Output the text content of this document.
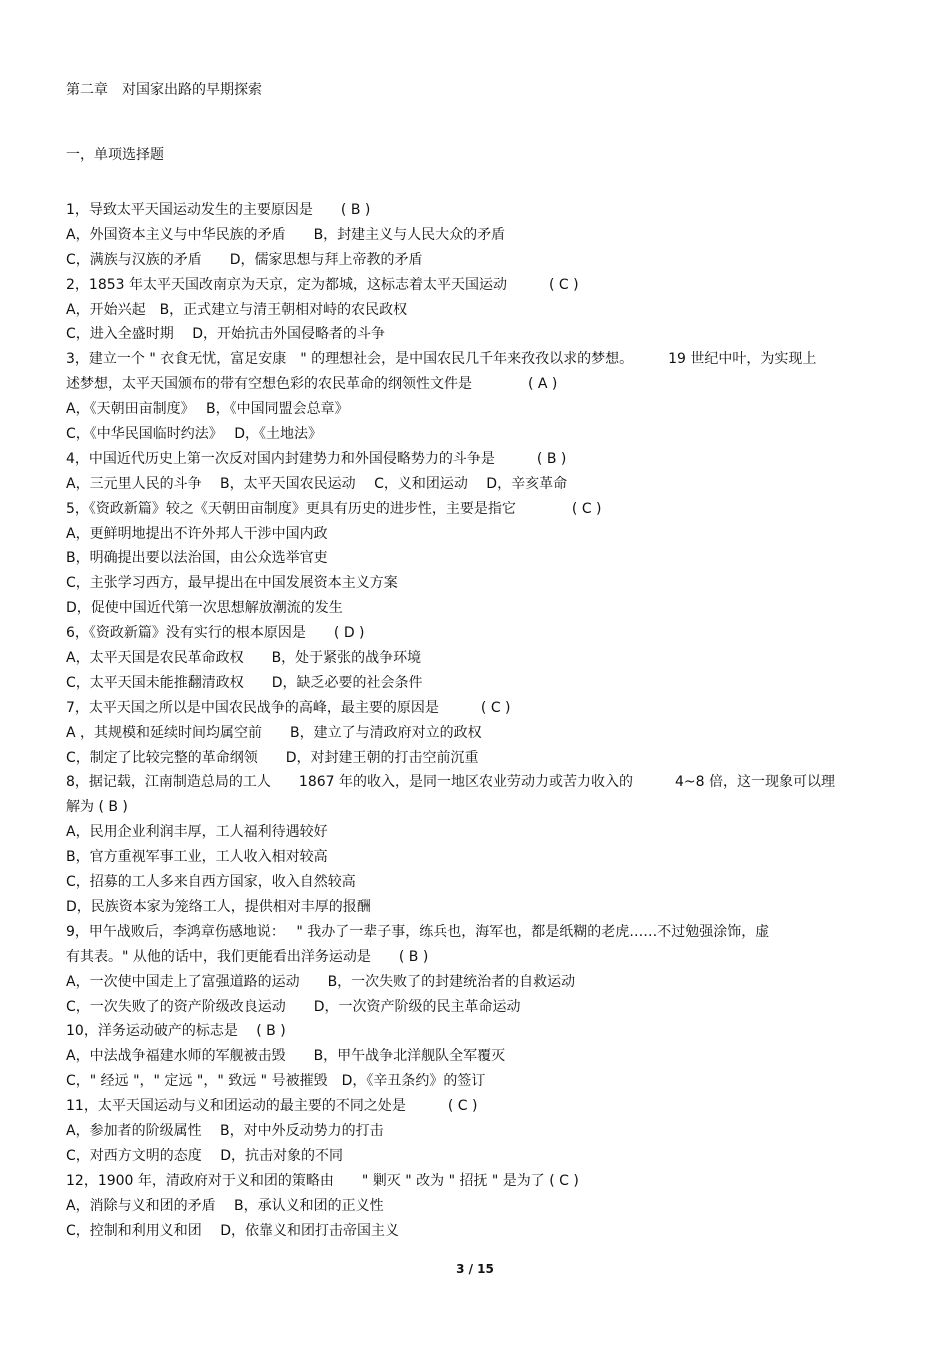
第二章　对国家出路的早期探索
一，单项选择题
1，导致太平天国运动发生的主要原因是　　( B )
A，外国资本主义与中华民族的矛盾　　B，封建主义与人民大众的矛盾
C，满族与汉族的矛盾　　D，儒家思想与拜上帝教的矛盾
2，1853 年太平天国改南京为天京，定为都城，这标志着太平天国运动　　　( C )
A，开始兴起　B，正式建立与清王朝相对峙的农民政权
C，进入全盛时期　 D，开始抗击外国侵略者的斗争
3，建立一个 " 衣食无忧，富足安康　" 的理想社会，是中国农民几千年来孜孜以求的梦想。　　　19 世纪中叶，为实现上
述梦想，太平天国颁布的带有空想色彩的农民革命的纲领性文件是　　　　( A )
A，《天朝田亩制度》　 B，《中国同盟会总章》
C，《中华民国临时约法》　 D，《土地法》
4，中国近代历史上第一次反对国内封建势力和外国侵略势力的斗争是　　　( B )
A，三元里人民的斗争　 B，太平天国农民运动　 C，义和团运动　 D，辛亥革命
5，《资政新篇》较之《天朝田亩制度》更具有历史的进步性，主要是指它　　　　( C )
A，更鲜明地提出不许外邦人干涉中国内政
B，明确提出要以法治国，由公众选举官吏
C，主张学习西方，最早提出在中国发展资本主义方案
D，促使中国近代第一次思想解放潮流的发生
6，《资政新篇》没有实行的根本原因是　　( D )
A，太平天国是农民革命政权　　B，处于紧张的战争环境
C，太平天国未能推翻清政权　　D，缺乏必要的社会条件
7，太平天国之所以是中国农民战争的高峰，最主要的原因是　　　( C )
A ，其规模和延续时间均属空前　　B，建立了与清政府对立的政权
C，制定了比较完整的革命纲领　　D，对封建王朝的打击空前沉重
8，据记载，江南制造总局的工人　　1867 年的收入，是同一地区农业劳动力或苦力收入的　　　4~8 倍，这一现象可以理
解为 ( B )
A，民用企业利润丰厚，工人福利待遇较好
B，官方重视军事工业，工人收入相对较高
C，招募的工人多来自西方国家，收入自然较高
D，民族资本家为笼络工人，提供相对丰厚的报酬
9，甲午战败后，李鸿章伤感地说：　 " 我办了一辈子事，练兵也，海军也，都是纸糊的老虎……不过勉强涂饰，虚
有其表。" 从他的话中，我们更能看出洋务运动是　　( B )
A，一次使中国走上了富强道路的运动　　B，一次失败了的封建统治者的自救运动
C，一次失败了的资产阶级改良运动　　D，一次资产阶级的民主革命运动
10，洋务运动破产的标志是　 ( B )
A，中法战争福建水师的军舰被击毁　　B，甲午战争北洋舰队全军覆灭
C，" 经远 "，" 定远 "，" 致远 " 号被摧毁　D，《辛丑条约》的签订
11，太平天国运动与义和团运动的最主要的不同之处是　　　( C )
A，参加者的阶级属性　 B，对中外反动势力的打击
C，对西方文明的态度　 D，抗击对象的不同
12，1900 年，清政府对于义和团的策略由　　" 剿灭 " 改为 " 招抚 " 是为了 ( C )
A，消除与义和团的矛盾　 B，承认义和团的正义性
C，控制和利用义和团　 D，依靠义和团打击帝国主义
3 / 15
